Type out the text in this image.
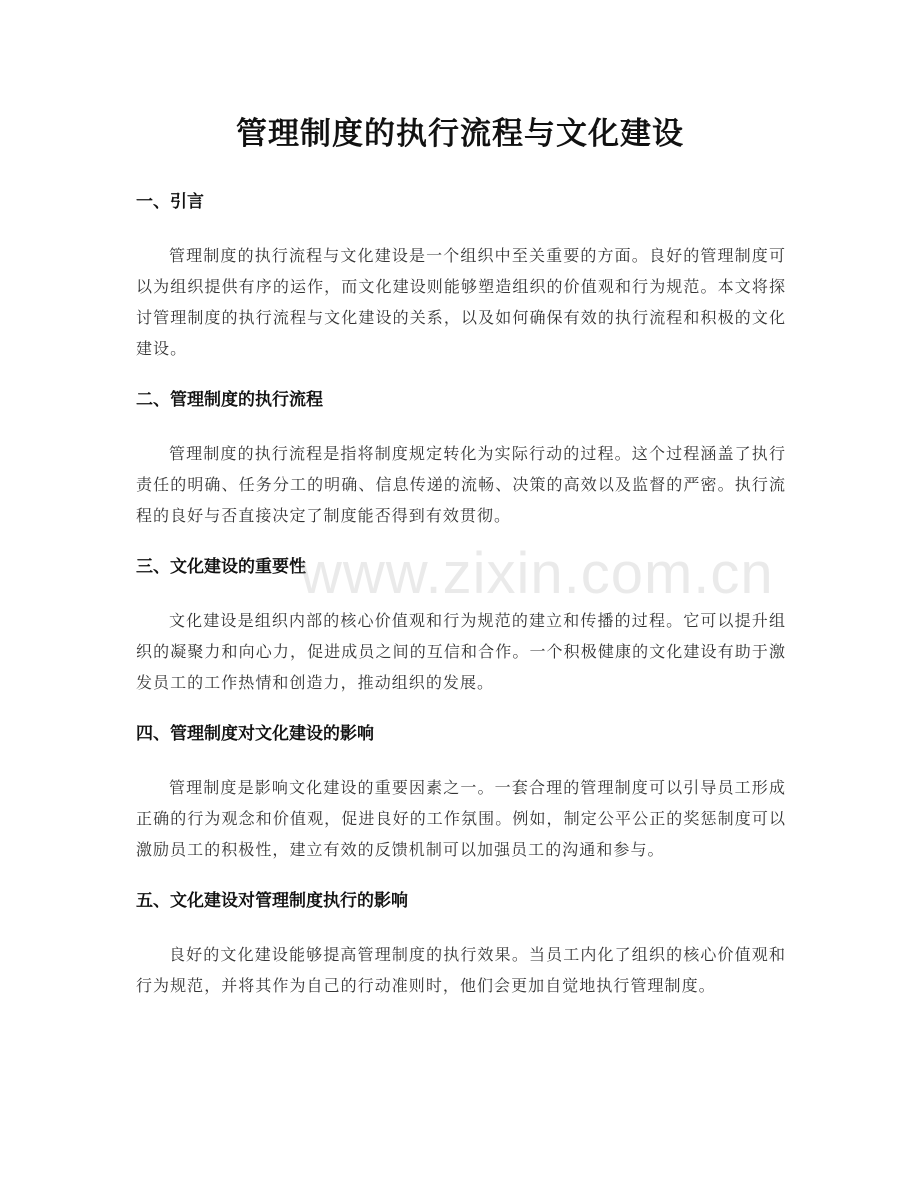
管理制度的执行流程与文化建设
一、引言

管理制度的执行流程与文化建设是一个组织中至关重要的方面。良好的管理制度可以为组织提供有序的运作，而文化建设则能够塑造组织的价值观和行为规范。本文将探讨管理制度的执行流程与文化建设的关系，以及如何确保有效的执行流程和积极的文化建设。

二、管理制度的执行流程

管理制度的执行流程是指将制度规定转化为实际行动的过程。这个过程涵盖了执行责任的明确、任务分工的明确、信息传递的流畅、决策的高效以及监督的严密。执行流程的良好与否直接决定了制度能否得到有效贯彻。

三、文化建设的重要性

文化建设是组织内部的核心价值观和行为规范的建立和传播的过程。它可以提升组织的凝聚力和向心力，促进成员之间的互信和合作。一个积极健康的文化建设有助于激发员工的工作热情和创造力，推动组织的发展。

四、管理制度对文化建设的影响

管理制度是影响文化建设的重要因素之一。一套合理的管理制度可以引导员工形成正确的行为观念和价值观，促进良好的工作氛围。例如，制定公平公正的奖惩制度可以激励员工的积极性，建立有效的反馈机制可以加强员工的沟通和参与。

五、文化建设对管理制度执行的影响

良好的文化建设能够提高管理制度的执行效果。当员工内化了组织的核心价值观和行为规范，并将其作为自己的行动准则时，他们会更加自觉地执行管理制度。

www.zixin.com.cn
